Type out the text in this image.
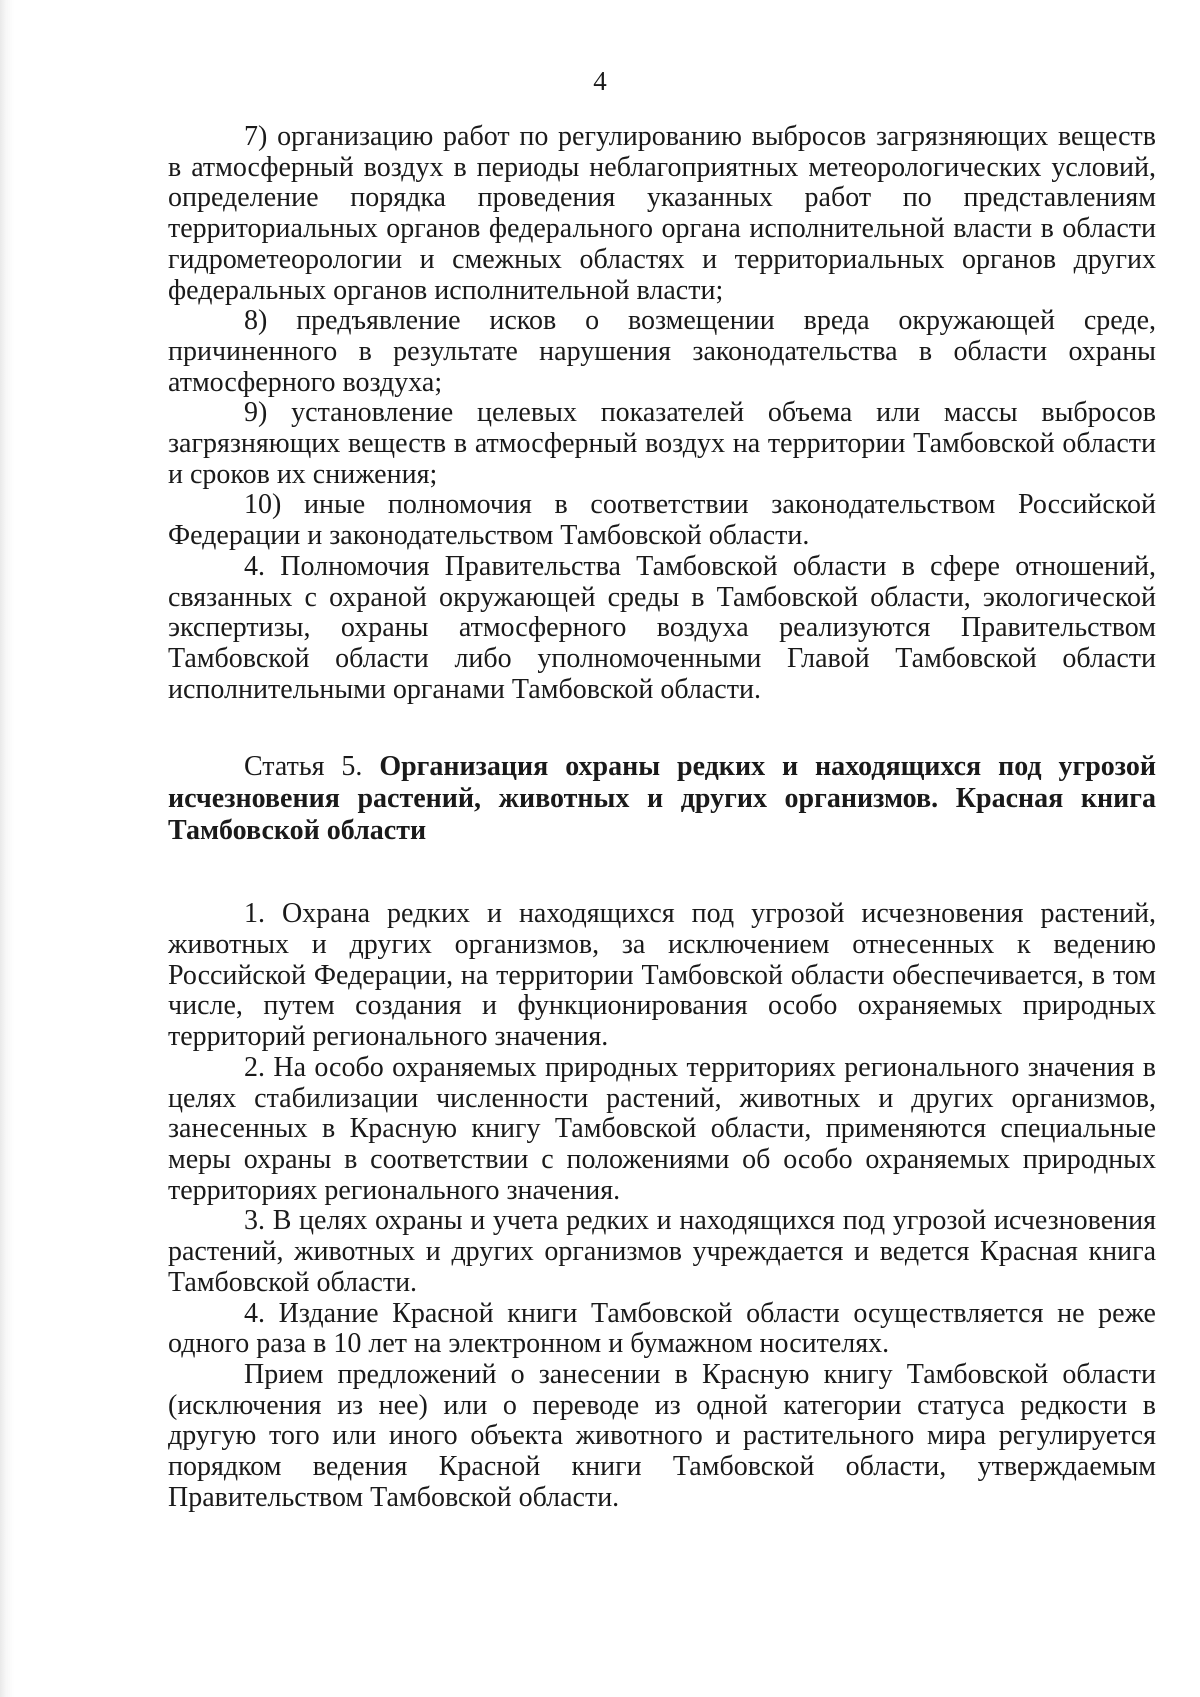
4

7) организацию работ по регулированию выбросов загрязняющих веществ в атмосферный воздух в периоды неблагоприятных метеорологических условий, определение порядка проведения указанных работ по представлениям территориальных органов федерального органа исполнительной власти в области гидрометеорологии и смежных областях и территориальных органов других федеральных органов исполнительной власти;

8) предъявление исков о возмещении вреда окружающей среде, причиненного в результате нарушения законодательства в области охраны атмосферного воздуха;

9) установление целевых показателей объема или массы выбросов загрязняющих веществ в атмосферный воздух на территории Тамбовской области и сроков их снижения;

10) иные полномочия в соответствии законодательством Российской Федерации и законодательством Тамбовской области.

4. Полномочия Правительства Тамбовской области в сфере отношений, связанных с охраной окружающей среды в Тамбовской области, экологической экспертизы, охраны атмосферного воздуха реализуются Правительством Тамбовской области либо уполномоченными Главой Тамбовской области исполнительными органами Тамбовской области.

Статья 5. Организация охраны редких и находящихся под угрозой исчезновения растений, животных и других организмов. Красная книга Тамбовской области

1. Охрана редких и находящихся под угрозой исчезновения растений, животных и других организмов, за исключением отнесенных к ведению Российской Федерации, на территории Тамбовской области обеспечивается, в том числе, путем создания и функционирования особо охраняемых природных территорий регионального значения.

2. На особо охраняемых природных территориях регионального значения в целях стабилизации численности растений, животных и других организмов, занесенных в Красную книгу Тамбовской области, применяются специальные меры охраны в соответствии с положениями об особо охраняемых природных территориях регионального значения.

3. В целях охраны и учета редких и находящихся под угрозой исчезновения растений, животных и других организмов учреждается и ведется Красная книга Тамбовской области.

4. Издание Красной книги Тамбовской области осуществляется не реже одного раза в 10 лет на электронном и бумажном носителях.

Прием предложений о занесении в Красную книгу Тамбовской области (исключения из нее) или о переводе из одной категории статуса редкости в другую того или иного объекта животного и растительного мира регулируется порядком ведения Красной книги Тамбовской области, утверждаемым Правительством Тамбовской области.
